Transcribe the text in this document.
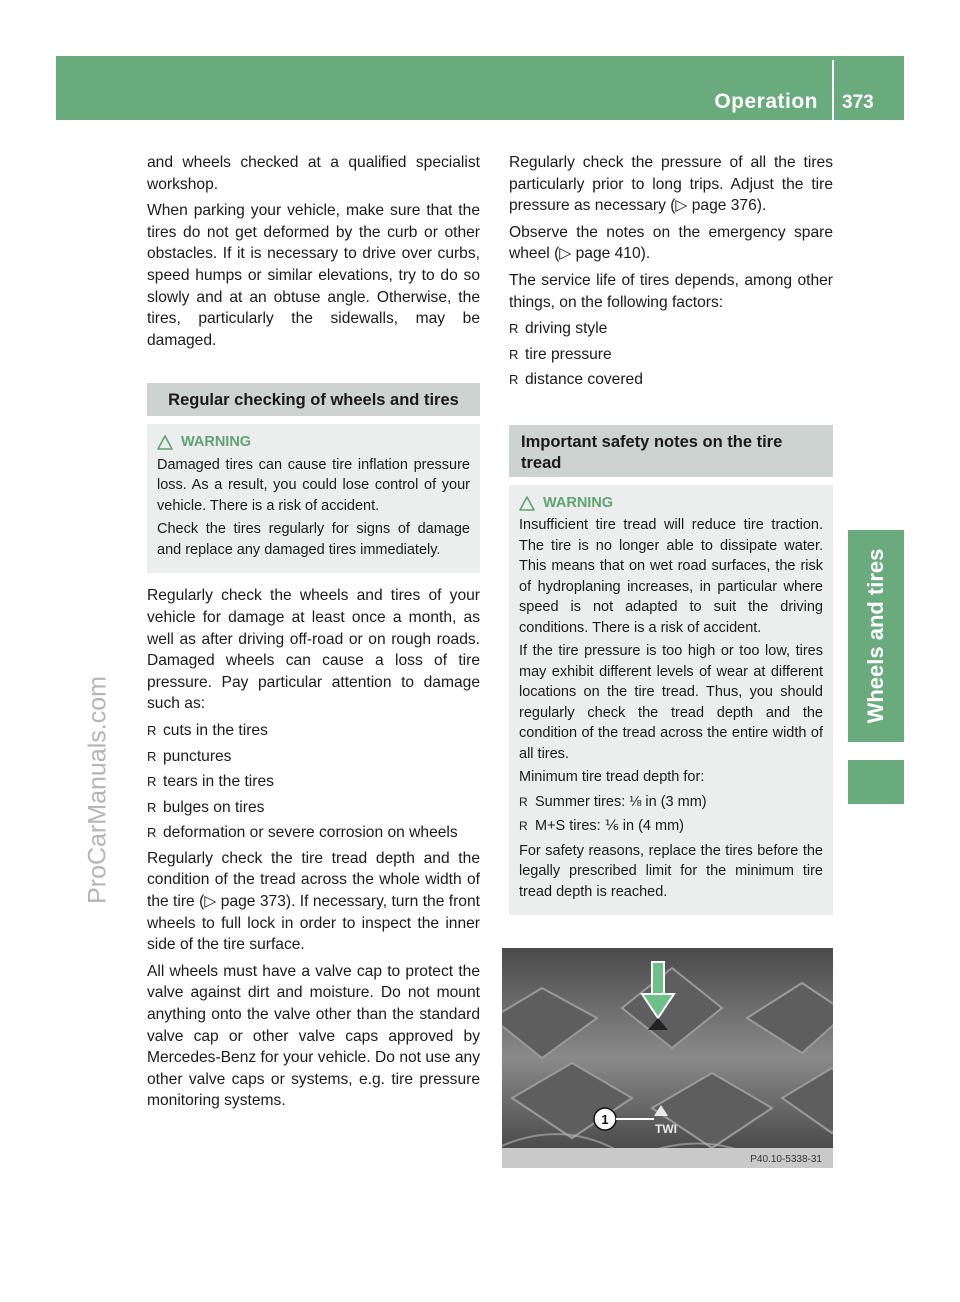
Operation 373
Wheels and tires
ProCarManuals.com

and wheels checked at a qualified specialist workshop.

When parking your vehicle, make sure that the tires do not get deformed by the curb or other obstacles. If it is necessary to drive over curbs, speed humps or similar elevations, try to do so slowly and at an obtuse angle. Otherwise, the tires, particularly the sidewalls, may be damaged.

Regular checking of wheels and tires
WARNING

Damaged tires can cause tire inflation pressure loss. As a result, you could lose control of your vehicle. There is a risk of accident.

Check the tires regularly for signs of damage and replace any damaged tires immediately.

Regularly check the wheels and tires of your vehicle for damage at least once a month, as well as after driving off-road or on rough roads. Damaged wheels can cause a loss of tire pressure. Pay particular attention to damage such as:

R cuts in the tires
R punctures
R tears in the tires
R bulges on tires
R deformation or severe corrosion on wheels

Regularly check the tire tread depth and the condition of the tread across the whole width of the tire (▷ page 373). If necessary, turn the front wheels to full lock in order to inspect the inner side of the tire surface.

All wheels must have a valve cap to protect the valve against dirt and moisture. Do not mount anything onto the valve other than the standard valve cap or other valve caps approved by Mercedes-Benz for your vehicle. Do not use any other valve caps or systems, e.g. tire pressure monitoring systems.

Regularly check the pressure of all the tires particularly prior to long trips. Adjust the tire pressure as necessary (▷ page 376).

Observe the notes on the emergency spare wheel (▷ page 410).

The service life of tires depends, among other things, on the following factors:

R driving style
R tire pressure
R distance covered
Important safety notes on the tire tread
WARNING

Insufficient tire tread will reduce tire traction. The tire is no longer able to dissipate water. This means that on wet road surfaces, the risk of hydroplaning increases, in particular where speed is not adapted to suit the driving conditions. There is a risk of accident.

If the tire pressure is too high or too low, tires may exhibit different levels of wear at different locations on the tire tread. Thus, you should regularly check the tread depth and the condition of the tread across the entire width of all tires.

Minimum tire tread depth for:

R Summer tires: ⅛ in (3 mm)
R M+S tires: ⅙ in (4 mm)

For safety reasons, replace the tires before the legally prescribed limit for the minimum tire tread depth is reached.

P40.10-5338-31
1
TWI
